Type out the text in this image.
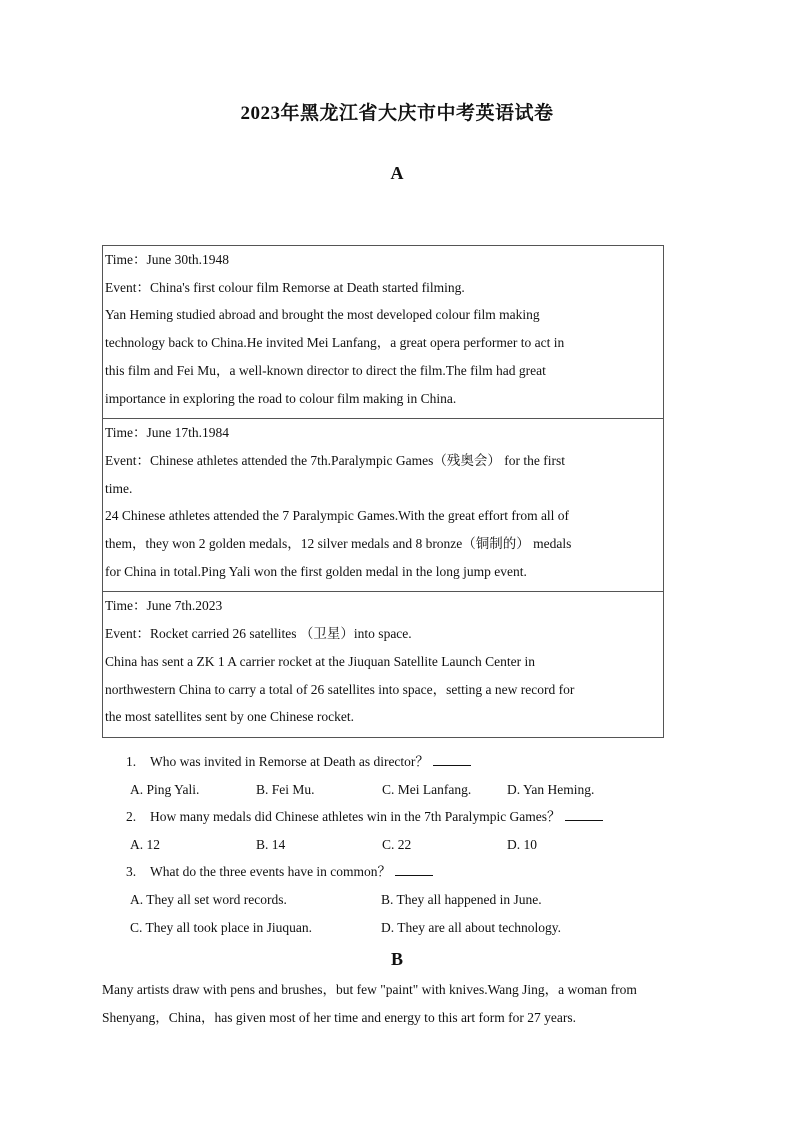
2023年黑龙江省大庆市中考英语试卷
A
Time：June 30th.1948
Event：China's first colour film Remorse at Death started filming.
Yan Heming studied abroad and brought the most developed colour film making
technology back to China.He invited Mei Lanfang，a great opera performer to act in
this film and Fei Mu，a well-known director to direct the film.The film had great
importance in exploring the road to colour film making in China.
Time：June 17th.1984
Event：Chinese athletes attended the 7th.Paralympic Games（残奥会） for the first
time.
24 Chinese athletes attended the 7 Paralympic Games.With the great effort from all of
them，they won 2 golden medals，12 silver medals and 8 bronze（铜制的） medals
for China in total.Ping Yali won the first golden medal in the long jump event.
Time：June 7th.2023
Event：Rocket carried 26 satellites （卫星）into space.
China has sent a ZK 1 A carrier rocket at the Jiuquan Satellite Launch Center in
northwestern China to carry a total of 26 satellites into space，setting a new record for
the most satellites sent by one Chinese rocket.
1. Who was invited in Remorse at Death as director？
A. Ping Yali.	B. Fei Mu.	C. Mei Lanfang.	D. Yan Heming.
2. How many medals did Chinese athletes win in the 7th Paralympic Games？
A. 12	B. 14	C. 22	D. 10
3. What do the three events have in common？
A. They all set word records.	B. They all happened in June.
C. They all took place in Jiuquan.	D. They are all about technology.
B
Many artists draw with pens and brushes，but few "paint" with knives.Wang Jing，a woman from
Shenyang，China，has given most of her time and energy to this art form for 27 years.
